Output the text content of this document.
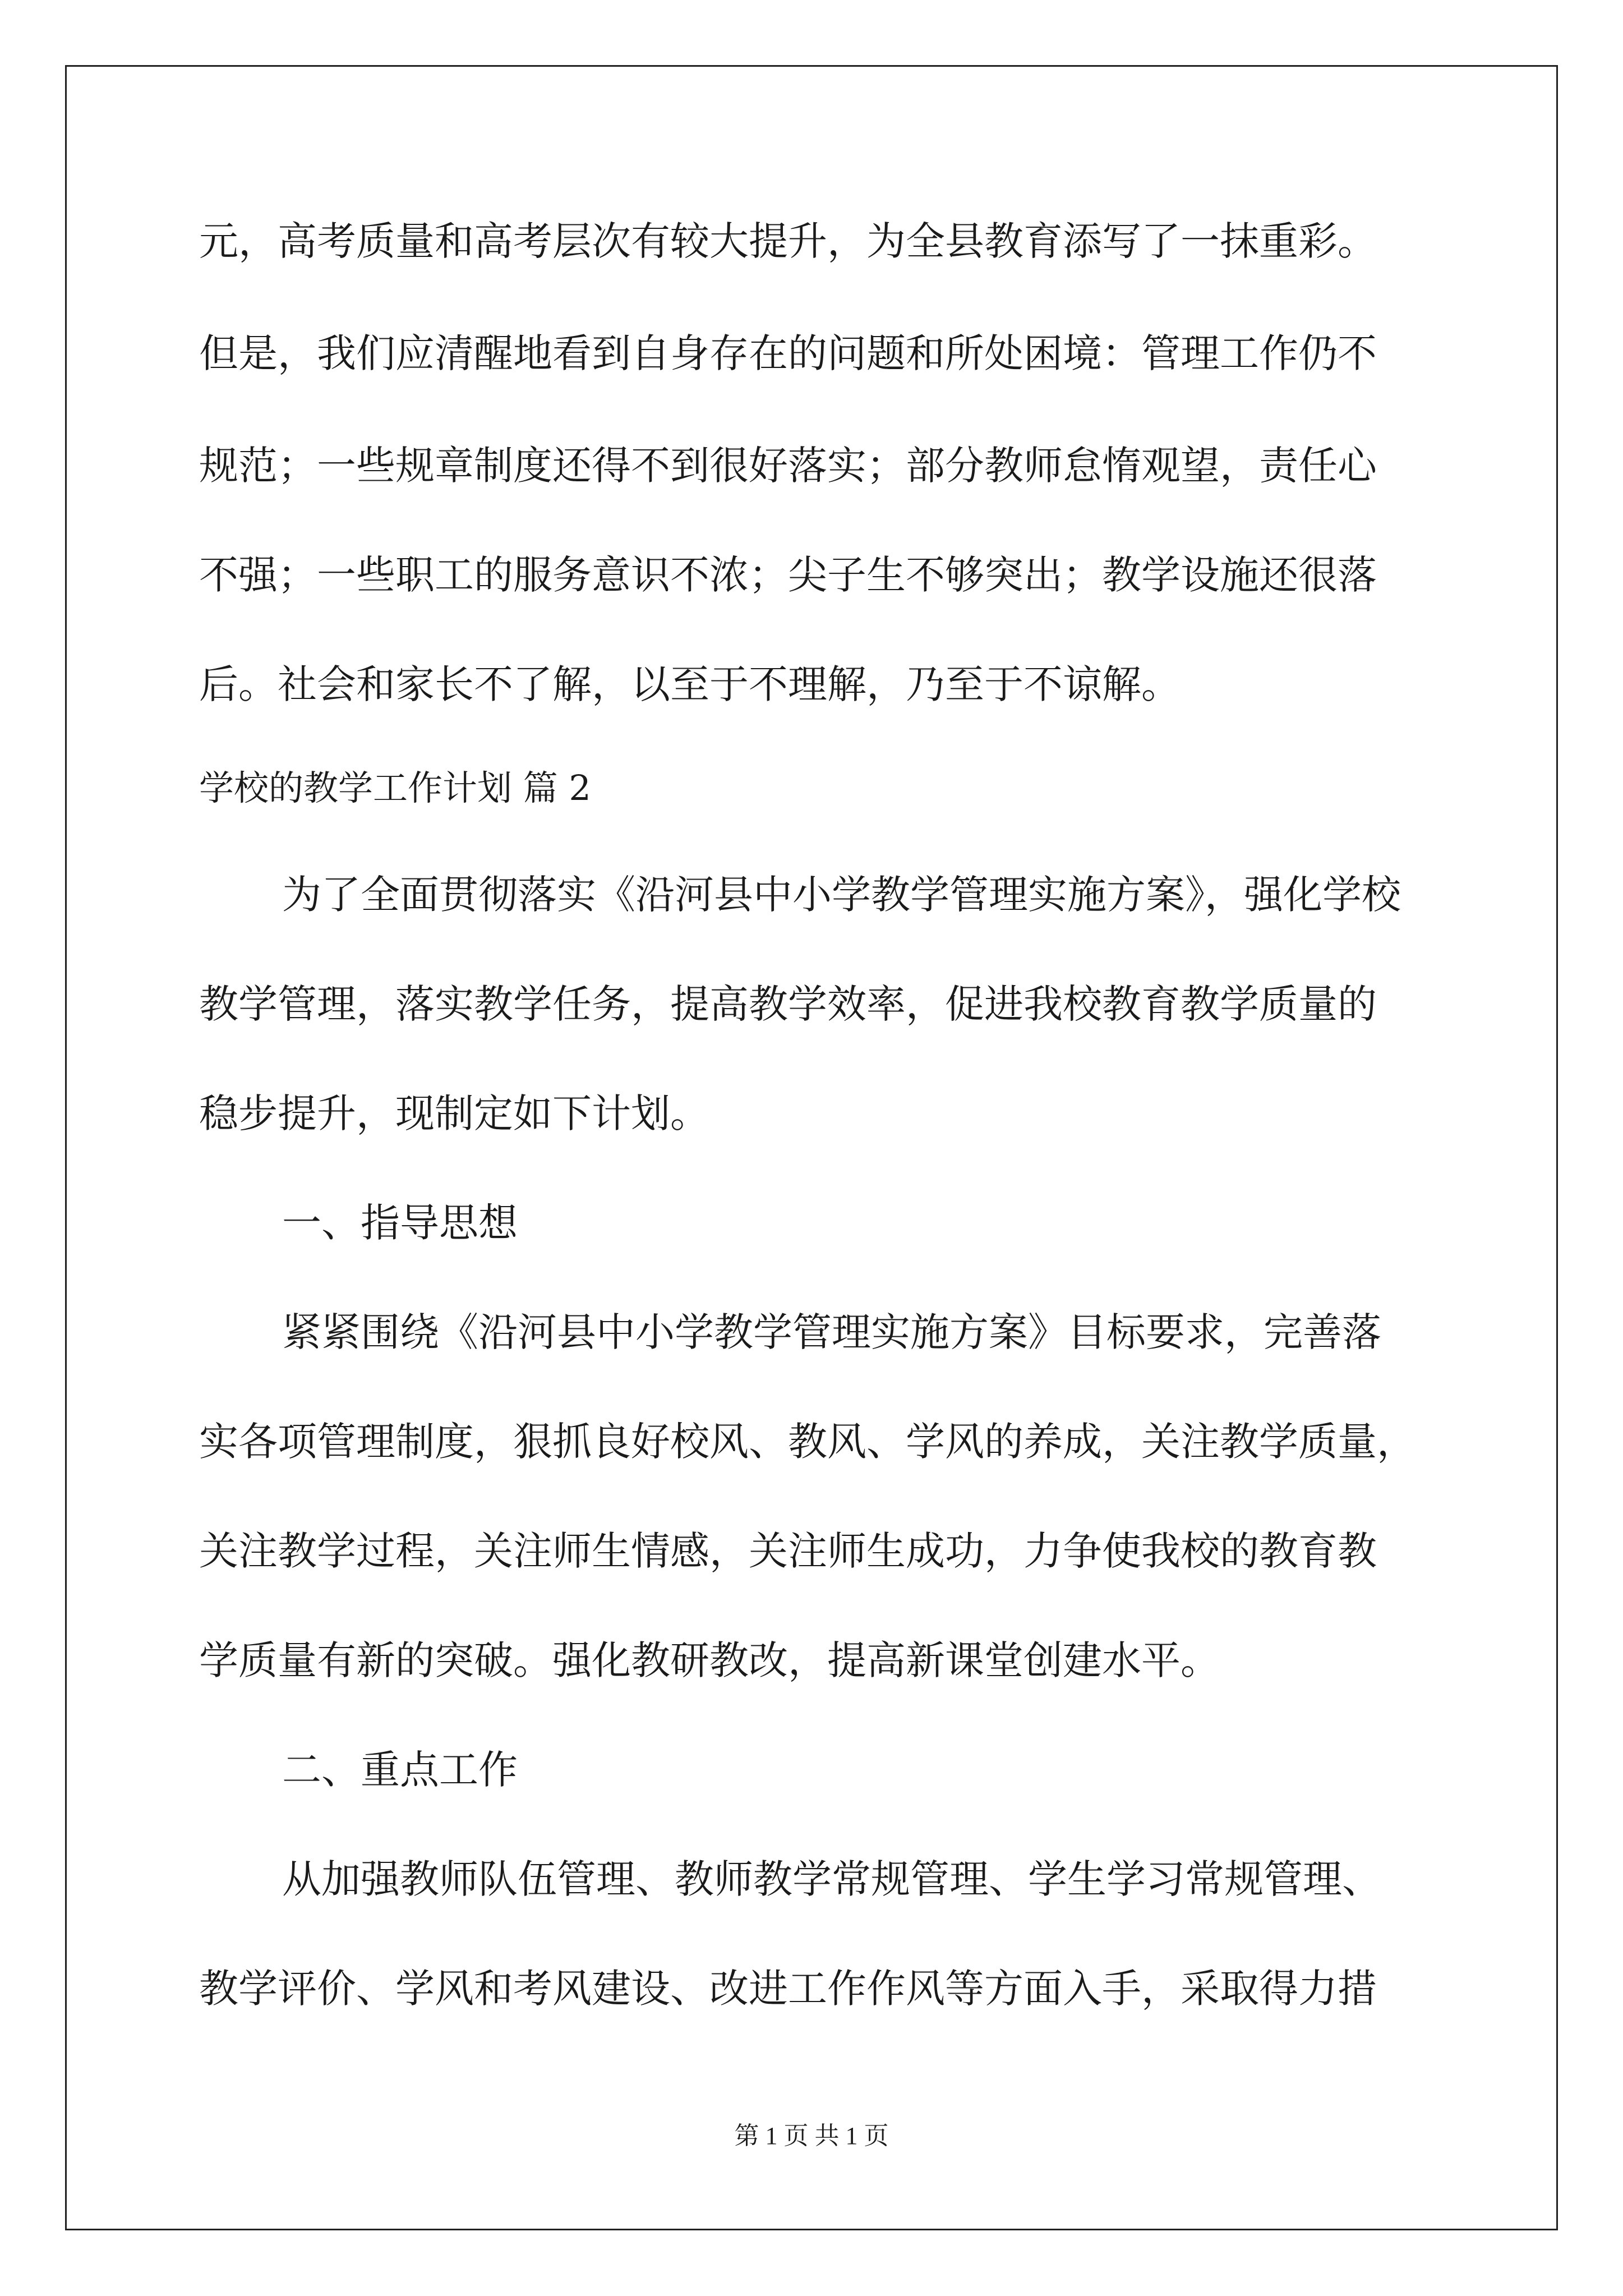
元，高考质量和高考层次有较大提升，为全县教育添写了一抹重彩。
但是，我们应清醒地看到自身存在的问题和所处困境：管理工作仍不
规范；一些规章制度还得不到很好落实；部分教师怠惰观望，责任心
不强；一些职工的服务意识不浓；尖子生不够突出；教学设施还很落
后。社会和家长不了解，以至于不理解，乃至于不谅解。
学校的教学工作计划 篇 2
为了全面贯彻落实《沿河县中小学教学管理实施方案》，强化学校
教学管理，落实教学任务，提高教学效率，促进我校教育教学质量的
稳步提升，现制定如下计划。
一、指导思想
紧紧围绕《沿河县中小学教学管理实施方案》目标要求，完善落
实各项管理制度，狠抓良好校风、教风、学风的养成，关注教学质量，
关注教学过程，关注师生情感，关注师生成功，力争使我校的教育教
学质量有新的突破。强化教研教改，提高新课堂创建水平。
二、重点工作
从加强教师队伍管理、教师教学常规管理、学生学习常规管理、
教学评价、学风和考风建设、改进工作作风等方面入手，采取得力措
第 1 页 共 1 页
